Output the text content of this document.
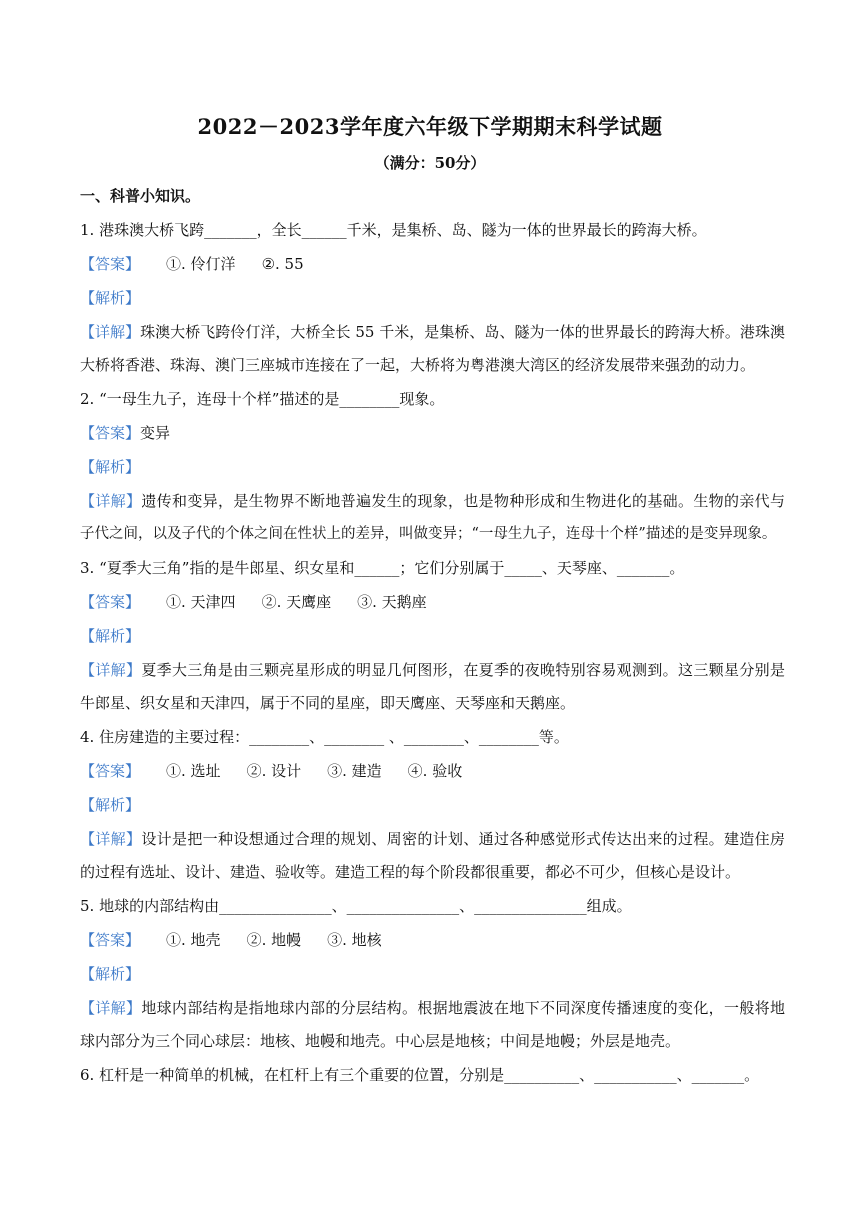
2022－2023学年度六年级下学期期末科学试题
（满分：50分）
一、科普小知识。
1. 港珠澳大桥飞跨_______，全长______千米，是集桥、岛、隧为一体的世界最长的跨海大桥。
【答案】 ①. 伶仃洋 ②. 55
【解析】
【详解】珠澳大桥飞跨伶仃洋，大桥全长 55 千米，是集桥、岛、隧为一体的世界最长的跨海大桥。港珠澳
大桥将香港、珠海、澳门三座城市连接在了一起，大桥将为粤港澳大湾区的经济发展带来强劲的动力。
2. “一母生九子，连母十个样”描述的是________现象。
【答案】变异
【解析】
【详解】遗传和变异，是生物界不断地普遍发生的现象，也是物种形成和生物进化的基础。生物的亲代与
子代之间，以及子代的个体之间在性状上的差异，叫做变异；“一母生九子，连母十个样”描述的是变异现象。
3. “夏季大三角”指的是牛郎星、织女星和______；它们分别属于_____、天琴座、_______。
【答案】 ①. 天津四 ②. 天鹰座 ③. 天鹅座
【解析】
【详解】夏季大三角是由三颗亮星形成的明显几何图形，在夏季的夜晚特别容易观测到。这三颗星分别是
牛郎星、织女星和天津四，属于不同的星座，即天鹰座、天琴座和天鹅座。
4. 住房建造的主要过程：________、________ 、________、________等。
【答案】 ①. 选址 ②. 设计 ③. 建造 ④. 验收
【解析】
【详解】设计是把一种设想通过合理的规划、周密的计划、通过各种感觉形式传达出来的过程。建造住房
的过程有选址、设计、建造、验收等。建造工程的每个阶段都很重要，都必不可少，但核心是设计。
5. 地球的内部结构由_______________、_______________、_______________组成。
【答案】 ①. 地壳 ②. 地幔 ③. 地核
【解析】
【详解】地球内部结构是指地球内部的分层结构。根据地震波在地下不同深度传播速度的变化，一般将地
球内部分为三个同心球层：地核、地幔和地壳。中心层是地核；中间是地幔；外层是地壳。
6. 杠杆是一种简单的机械，在杠杆上有三个重要的位置，分别是__________、___________、_______。
